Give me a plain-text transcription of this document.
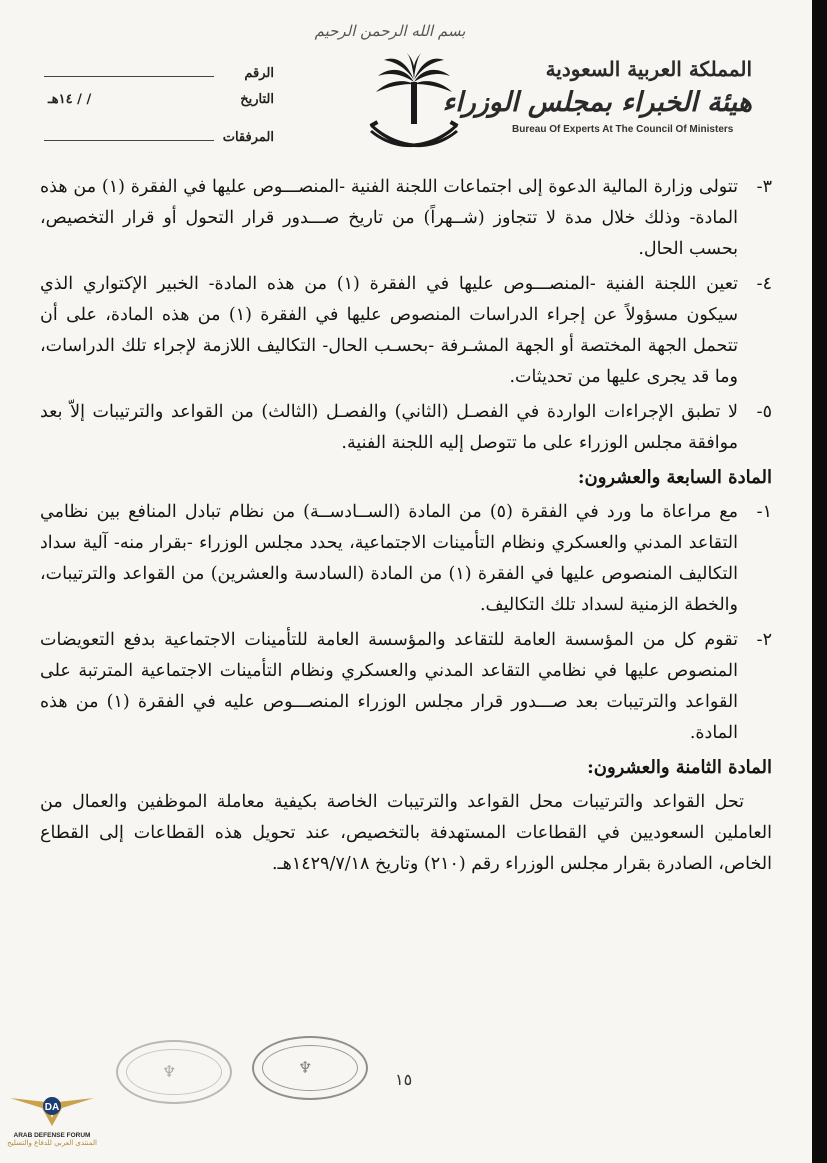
بسم الله الرحمن الرحيم
المملكة العربية السعودية
هيئة الخبراء بمجلس الوزراء
Bureau Of Experts At The Council Of Ministers
الرقم
التاريخ
/ / ١٤هـ
المرفقات
٣-
تتولى وزارة المالية الدعوة إلى اجتماعات اللجنة الفنية -المنصـــوص عليها في الفقرة (١) من هذه المادة- وذلك خلال مدة لا تتجاوز (شــهراً) من تاريخ صـــدور قرار التحول أو قرار التخصيص، بحسب الحال.
٤-
تعين اللجنة الفنية -المنصـــوص عليها في الفقرة (١) من هذه المادة- الخبير الإكتواري الذي سيكون مسؤولاً عن إجراء الدراسات المنصوص عليها في الفقرة (١) من هذه المادة، على أن تتحمل الجهة المختصة أو الجهة المشـرفة -بحسـب الحال- التكاليف اللازمة لإجراء تلك الدراسات، وما قد يجرى عليها من تحديثات.
٥-
لا تطبق الإجراءات الواردة في الفصـل (الثاني) والفصـل (الثالث) من القواعد والترتيبات إلاّ بعد موافقة مجلس الوزراء على ما تتوصل إليه اللجنة الفنية.
المادة السابعة والعشرون:
١-
مع مراعاة ما ورد في الفقرة (٥) من المادة (الســادســة) من نظام تبادل المنافع بين نظامي التقاعد المدني والعسكري ونظام التأمينات الاجتماعية، يحدد مجلس الوزراء -بقرار منه- آلية سداد التكاليف المنصوص عليها في الفقرة (١) من المادة (السادسة والعشرين) من القواعد والترتيبات، والخطة الزمنية لسداد تلك التكاليف.
٢-
تقوم كل من المؤسسة العامة للتقاعد والمؤسسة العامة للتأمينات الاجتماعية بدفع التعويضات المنصوص عليها في نظامي التقاعد المدني والعسكري ونظام التأمينات الاجتماعية المترتبة على القواعد والترتيبات بعد صـــدور قرار مجلس الوزراء المنصـــوص عليه في الفقرة (١) من هذه المادة.
المادة الثامنة والعشرون:
تحل القواعد والترتيبات محل القواعد والترتيبات الخاصة بكيفية معاملة الموظفين والعمال من العاملين السعوديين في القطاعات المستهدفة بالتخصيص، عند تحويل هذه القطاعات إلى القطاع الخاص، الصادرة بقرار مجلس الوزراء رقم (٢١٠) وتاريخ ١٤٢٩/٧/١٨هـ.
♆	♆
١٥
DA
ARAB DEFENSE FORUM
المنتدى العربي للدفاع والتسليح
